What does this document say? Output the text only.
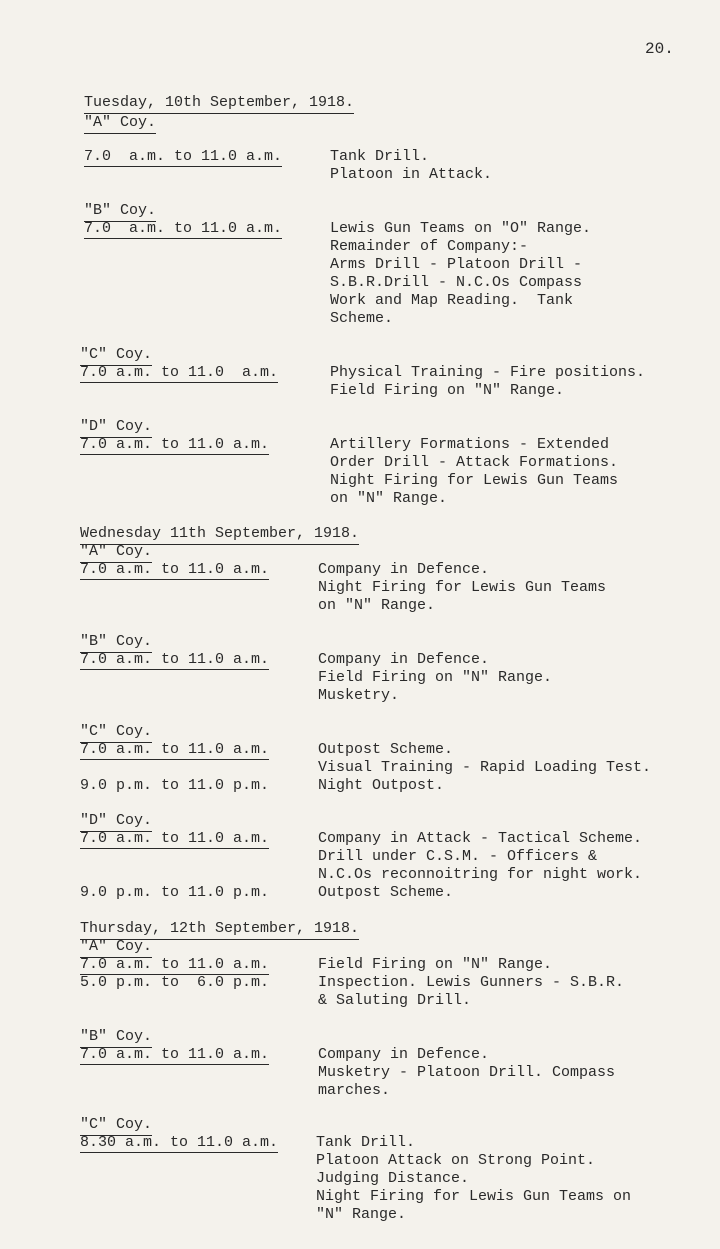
20.
Tuesday, 10th September, 1918.
"A" Coy.
7.0  a.m. to 11.0 a.m.	Tank Drill.
Platoon in Attack.
"B" Coy.
7.0  a.m. to 11.0 a.m.	Lewis Gun Teams on "O" Range.
Remainder of Company:-
Arms Drill - Platoon Drill -
S.B.R.Drill - N.C.Os Compass
Work and Map Reading.  Tank
Scheme.
"C" Coy.
7.0 a.m. to 11.0  a.m.	Physical Training - Fire positions.
Field Firing on "N" Range.
"D" Coy.
7.0 a.m. to 11.0 a.m.	Artillery Formations - Extended
Order Drill - Attack Formations.
Night Firing for Lewis Gun Teams
on "N" Range.
Wednesday 11th September, 1918.
"A" Coy.
7.0 a.m. to 11.0 a.m.	Company in Defence.
Night Firing for Lewis Gun Teams
on "N" Range.
"B" Coy.
7.0 a.m. to 11.0 a.m.	Company in Defence.
Field Firing on "N" Range.
Musketry.
"C" Coy.
7.0 a.m. to 11.0 a.m.	Outpost Scheme.
Visual Training - Rapid Loading Test.
9.0 p.m. to 11.0 p.m.	Night Outpost.
"D" Coy.
7.0 a.m. to 11.0 a.m.	Company in Attack - Tactical Scheme.
Drill under C.S.M. - Officers &
N.C.Os reconnoitring for night work.
9.0 p.m. to 11.0 p.m.	Outpost Scheme.
Thursday, 12th September, 1918.
"A" Coy.
7.0 a.m. to 11.0 a.m.	Field Firing on "N" Range.
5.0 p.m. to  6.0 p.m.	Inspection. Lewis Gunners - S.B.R.
& Saluting Drill.
"B" Coy.
7.0 a.m. to 11.0 a.m.	Company in Defence.
Musketry - Platoon Drill. Compass
marches.
"C" Coy.
8.30 a.m. to 11.0 a.m.	Tank Drill.
Platoon Attack on Strong Point.
Judging Distance.
Night Firing for Lewis Gun Teams on
"N" Range.
